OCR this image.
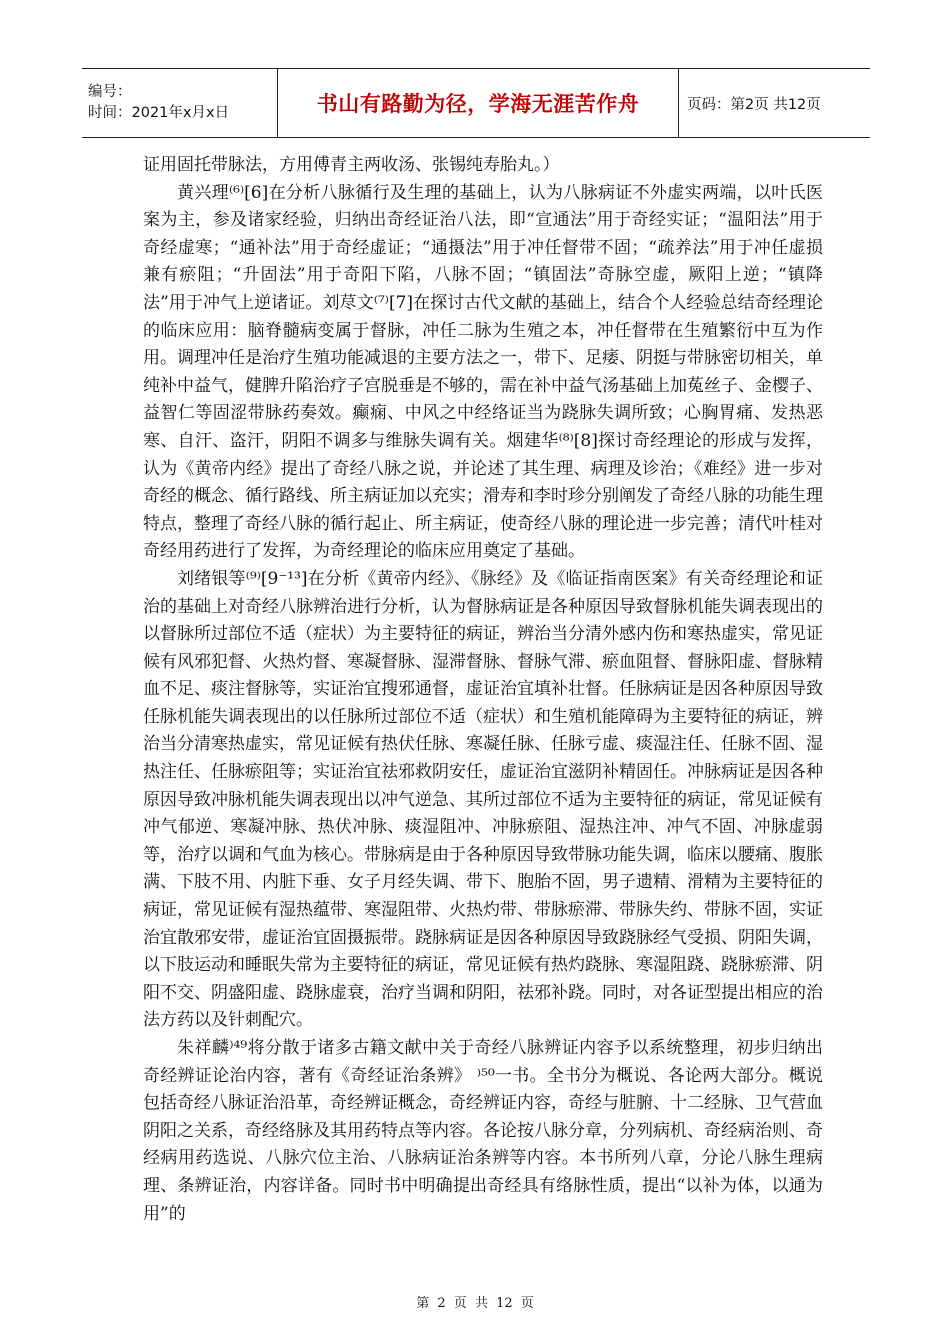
编号：
时间：2021年x月x日	书山有路勤为径，学海无涯苦作舟	页码：第2页 共12页

证用固托带脉法，方用傅青主两收汤、张锡纯寿胎丸。）

黄兴理⁽⁶⁾[6]在分析八脉循行及生理的基础上，认为八脉病证不外虚实两端，以叶氏医案为主，参及诸家经验，归纳出奇经证治八法，即“宣通法”用于奇经实证；“温阳法”用于奇经虚寒；“通补法”用于奇经虚证；“通摄法”用于冲任督带不固；“疏养法”用于冲任虚损兼有瘀阻；“升固法”用于奇阳下陷，八脉不固；“镇固法”奇脉空虚，厥阳上逆；“镇降法”用于冲气上逆诸证。刘荩文⁽⁷⁾[7]在探讨古代文献的基础上，结合个人经验总结奇经理论的临床应用：脑脊髓病变属于督脉，冲任二脉为生殖之本，冲任督带在生殖繁衍中互为作用。调理冲任是治疗生殖功能减退的主要方法之一，带下、足痿、阴挺与带脉密切相关，单纯补中益气，健脾升陷治疗子宫脱垂是不够的，需在补中益气汤基础上加菟丝子、金樱子、益智仁等固涩带脉药奏效。癫痫、中风之中经络证当为跷脉失调所致；心胸胃痛、发热恶寒、自汗、盗汗，阴阳不调多与维脉失调有关。烟建华⁽⁸⁾[8]探讨奇经理论的形成与发挥，认为《黄帝内经》提出了奇经八脉之说，并论述了其生理、病理及诊治；《难经》进一步对奇经的概念、循行路线、所主病证加以充实；滑寿和李时珍分别阐发了奇经八脉的功能生理特点，整理了奇经八脉的循行起止、所主病证，使奇经八脉的理论进一步完善；清代叶桂对奇经用药进行了发挥，为奇经理论的临床应用奠定了基础。

刘绪银等⁽⁹⁾[9⁻¹³]在分析《黄帝内经》、《脉经》及《临证指南医案》有关奇经理论和证治的基础上对奇经八脉辨治进行分析，认为督脉病证是各种原因导致督脉机能失调表现出的以督脉所过部位不适（症状）为主要特征的病证，辨治当分清外感内伤和寒热虚实，常见证候有风邪犯督、火热灼督、寒凝督脉、湿滞督脉、督脉气滞、瘀血阻督、督脉阳虚、督脉精血不足、痰注督脉等，实证治宜搜邪通督，虚证治宜填补壮督。任脉病证是因各种原因导致任脉机能失调表现出的以任脉所过部位不适（症状）和生殖机能障碍为主要特征的病证，辨治当分清寒热虚实，常见证候有热伏任脉、寒凝任脉、任脉亏虚、痰湿注任、任脉不固、湿热注任、任脉瘀阻等；实证治宜祛邪救阴安任，虚证治宜滋阴补精固任。冲脉病证是因各种原因导致冲脉机能失调表现出以冲气逆急、其所过部位不适为主要特征的病证，常见证候有冲气郁逆、寒凝冲脉、热伏冲脉、痰湿阻冲、冲脉瘀阻、湿热注冲、冲气不固、冲脉虚弱等，治疗以调和气血为核心。带脉病是由于各种原因导致带脉功能失调，临床以腰痛、腹胀满、下肢不用、内脏下垂、女子月经失调、带下、胞胎不固，男子遗精、滑精为主要特征的病证，常见证候有湿热蕴带、寒湿阻带、火热灼带、带脉瘀滞、带脉失约、带脉不固，实证治宜散邪安带，虚证治宜固摄振带。跷脉病证是因各种原因导致跷脉经气受损、阴阳失调，以下肢运动和睡眠失常为主要特征的病证，常见证候有热灼跷脉、寒湿阻跷、跷脉瘀滞、阴阳不交、阴盛阳虚、跷脉虚衰，治疗当调和阴阳，祛邪补跷。同时，对各证型提出相应的治法方药以及针刺配穴。

朱祥麟⁾⁴⁹将分散于诸多古籍文献中关于奇经八脉辨证内容予以系统整理，初步归纳出奇经辨证论治内容，著有《奇经证治条辨》 ⁾⁵⁰一书。全书分为概说、各论两大部分。概说包括奇经八脉证治沿革，奇经辨证概念，奇经辨证内容，奇经与脏腑、十二经脉、卫气营血阴阳之关系，奇经络脉及其用药特点等内容。各论按八脉分章，分列病机、奇经病治则、奇经病用药选说、八脉穴位主治、八脉病证治条辨等内容。本书所列八章，分论八脉生理病理、条辨证治，内容详备。同时书中明确提出奇经具有络脉性质，提出“以补为体，以通为用”的

第 2 页 共 12 页
